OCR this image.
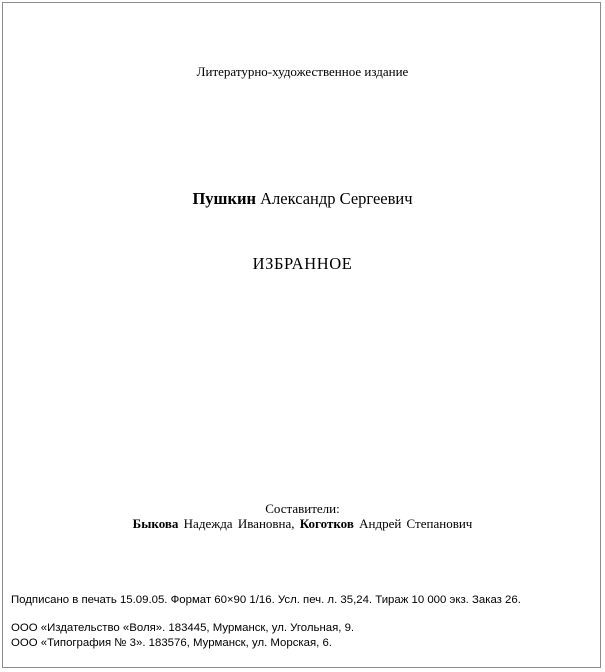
Литературно-художественное издание
Пушкин Александр Сергеевич
ИЗБРАННОЕ
Составители:
Быкова Надежда Ивановна, Коготков Андрей Степанович
Подписано в печать 15.09.05. Формат 60×90 1/16. Усл. печ. л. 35,24. Тираж 10 000 экз. Заказ 26.
ООО «Издательство «Воля». 183445, Мурманск, ул. Угольная, 9.
ООО «Типография № 3». 183576, Мурманск, ул. Морская, 6.
